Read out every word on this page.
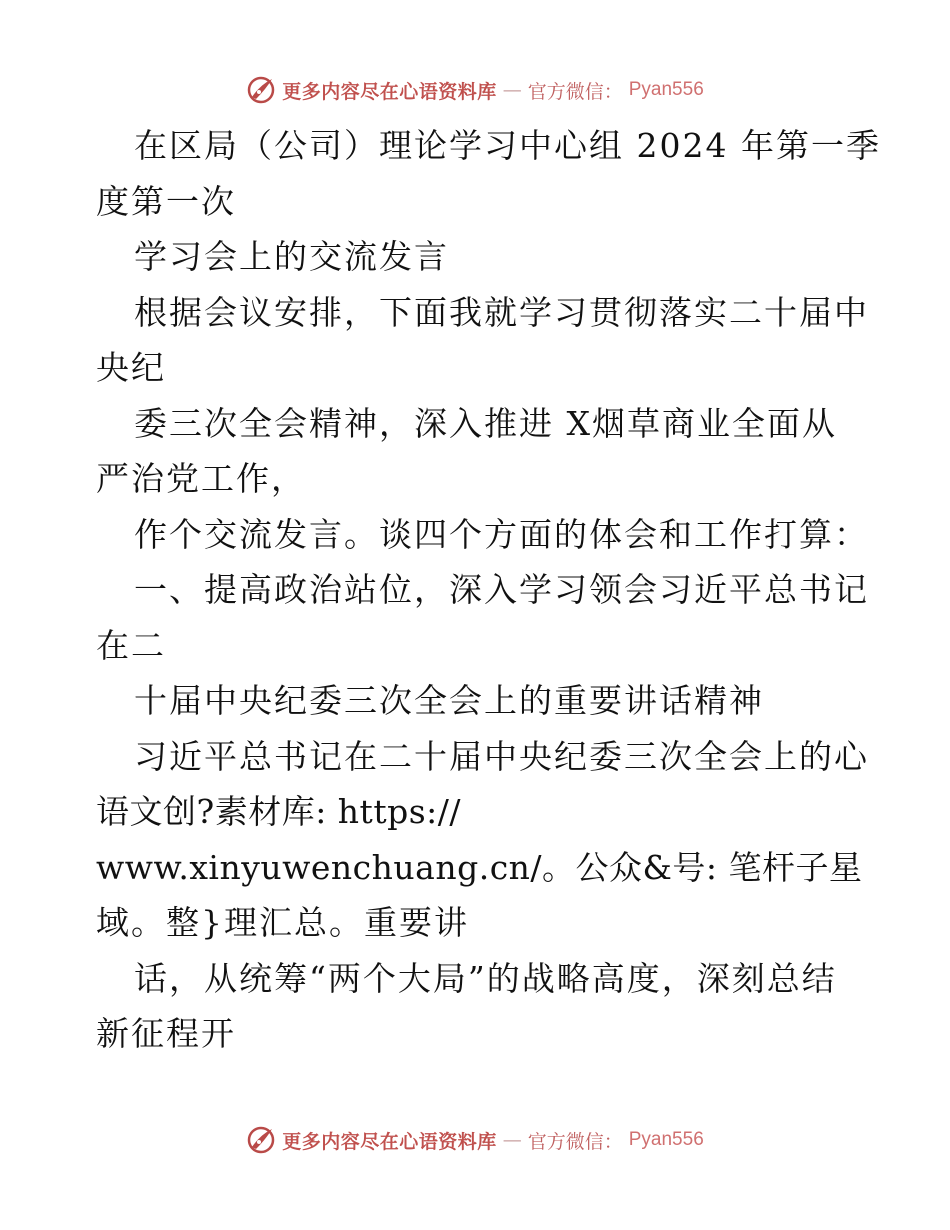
更多内容尽在心语资料库 — 官方微信： Pyan556
在区局（公司）理论学习中心组 2024 年第一季
度第一次
学习会上的交流发言
根据会议安排，下面我就学习贯彻落实二十届中
央纪
委三次全会精神，深入推进 X烟草商业全面从
严治党工作，
作个交流发言。谈四个方面的体会和工作打算：
一、提高政治站位，深入学习领会习近平总书记
在二
十届中央纪委三次全会上的重要讲话精神
习近平总书记在二十届中央纪委三次全会上的心
语文创?素材库: https://
www.xinyuwenchuang.cn/。公众&号: 笔杆子星
域。整}理汇总。重要讲
话，从统筹“两个大局”的战略高度，深刻总结
新征程开
更多内容尽在心语资料库 — 官方微信： Pyan556
